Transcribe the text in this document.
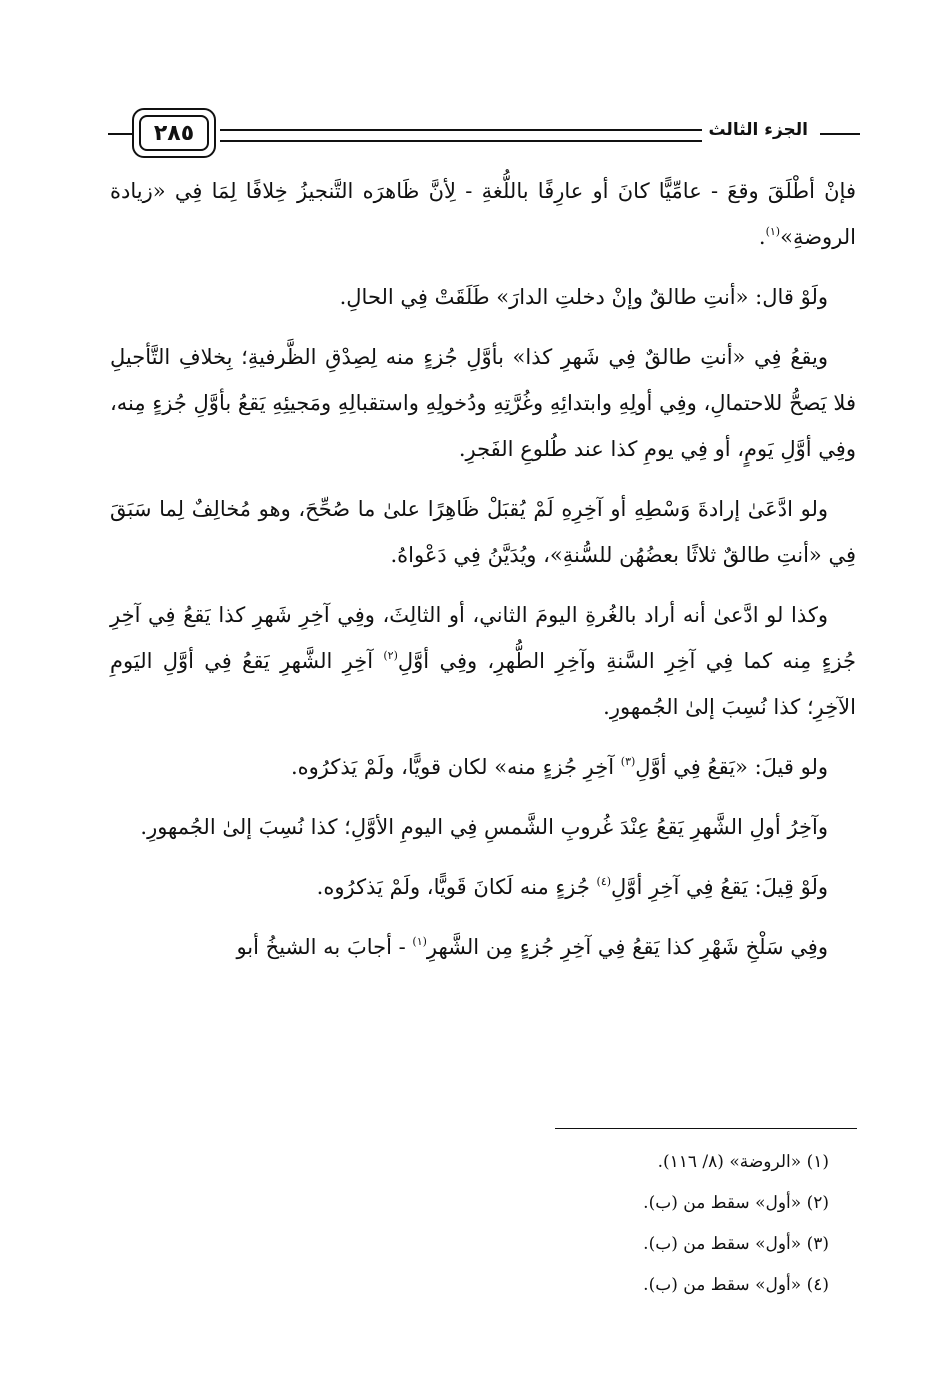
٢٨٥	الجزء الثالث

فإنْ أطْلَقَ وقعَ - عامِّيًّا كانَ أو عارِفًا باللُّغةِ - لِأنَّ ظَاهرَه التَّنجيزُ خِلافًا لِمَا فِي «زيادة الروضةِ»$^{(١)}$.

ولَوْ قال: «أنتِ طالقٌ وإنْ دخلتِ الدارَ» طَلَقَتْ فِي الحالِ.

ويقعُ فِي «أنتِ طالقٌ فِي شَهرِ كذا» بأوَّلِ جُزءٍ منه لِصِدْقِ الظَّرفيةِ؛ بِخلافِ التَّأجيلِ فلا يَصحُّ للاحتمالِ، وفِي أولِهِ وابتدائِهِ وغُرَّتِهِ ودُخولِهِ واستقبالِهِ ومَجيئِهِ يَقعُ بأوَّلِ جُزءٍ مِنه، وفِي أوَّلِ يَومٍ، أو فِي يومِ كذا عند طُلوعِ الفَجرِ.

ولو ادَّعَىٰ إرادةَ وَسْطِهِ أو آخِرِهِ لَمْ يُقبَلْ ظَاهِرًا علىٰ ما صُحِّحَ، وهو مُخالِفٌ لِما سَبَقَ فِي «أنتِ طالقٌ ثلاثًا بعضُهُن للسُّنةِ»، ويُدَيَّنُ فِي دَعْواهُ.

وكذا لو ادَّعىٰ أنه أراد بالغُرةِ اليومَ الثاني، أو الثالِثَ، وفِي آخِرِ شَهرِ كذا يَقعُ فِي آخِرِ جُزءٍ مِنه كما فِي آخِرِ السَّنةِ وآخِرِ الطُّهرِ، وفِي أوَّلِ$^{(٢)}$ آخِرِ الشَّهرِ يَقعُ فِي أوَّلِ اليَومِ الآخِرِ؛ كذا نُسِبَ إلىٰ الجُمهورِ.

ولو قيلَ: «يَقعُ فِي أوَّلِ$^{(٣)}$ آخِرِ جُزءٍ منه» لكان قويًّا، ولَمْ يَذكرُوه.

وآخِرُ أولِ الشَّهرِ يَقعُ عِنْدَ غُروبِ الشَّمسِ فِي اليومِ الأوَّلِ؛ كذا نُسِبَ إلىٰ الجُمهورِ.

ولَوْ قِيلَ: يَقعُ فِي آخِرِ أوَّلِ$^{(٤)}$ جُزءٍ منه لَكانَ قَويًّا، ولَمْ يَذكرُوه.

وفِي سَلْخِ شَهْرِ كذا يَقعُ فِي آخِرِ جُزءٍ مِن الشَّهرِ$^{(١)}$ - أجابَ به الشيخُ أبو

(١) «الروضة» (٨/ ١١٦).
(٢) «أول» سقط من (ب).
(٣) «أول» سقط من (ب).
(٤) «أول» سقط من (ب).
